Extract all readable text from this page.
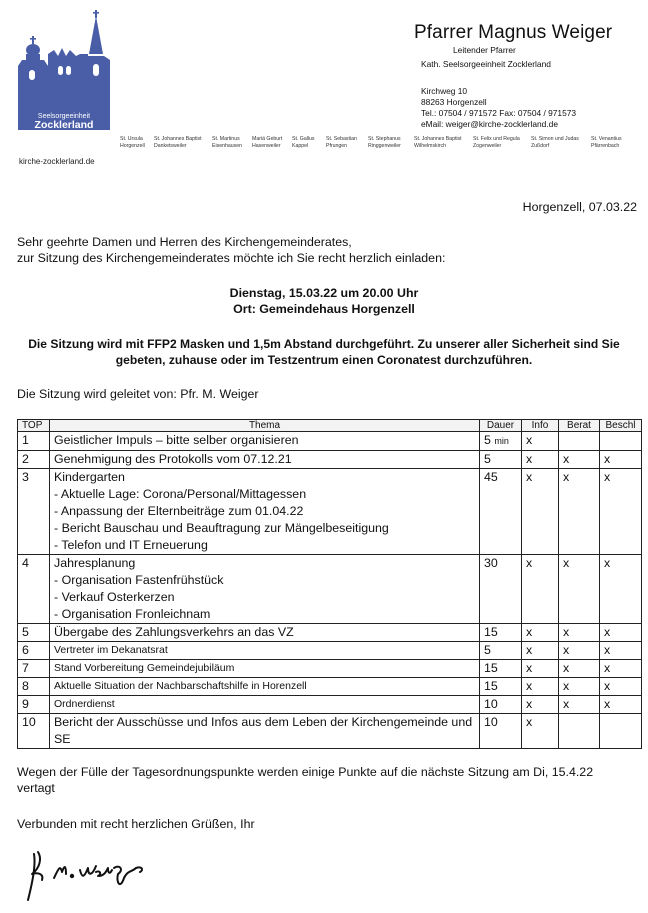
Seelsorgeeinheit
Zocklerland
kirche-zocklerland.de
Pfarrer Magnus Weiger
Leitender Pfarrer
Kath. Seelsorgeeinheit Zocklerland
Kirchweg 10
88263 Horgenzell
Tel.: 07504 / 971572 Fax: 07504 / 971573
eMail: weiger@kirche-zocklerland.de
St. Ursula
Horgenzell
St. Johannes Baptist
Danketsweiler
St. Martinus
Eisenhausen
Mariä Geburt
Hasenweiler
St. Gallus
Kappel
St. Sebastian
Pfrungen
St. Stephanus
Ringgenweiler
St. Johannes Baptist
Wilhelmskirch
St. Felix und Regula
Zogenweiler
St. Simon und Judas
Zußdorf
St. Venantius
Pfärrenbach
Horgenzell, 07.03.22
Sehr geehrte Damen und Herren des Kirchengemeinderates,
zur Sitzung des Kirchengemeinderates möchte ich Sie recht herzlich einladen:
Dienstag, 15.03.22 um 20.00 Uhr
Ort: Gemeindehaus Horgenzell
Die Sitzung wird mit FFP2 Masken und 1,5m Abstand durchgeführt. Zu unserer aller Sicherheit sind Sie
gebeten, zuhause oder im Testzentrum einen Coronatest durchzuführen.
Die Sitzung wird geleitet von: Pfr. M. Weiger
TOP	Thema	Dauer	Info	Berat	Beschl
1	Geistlicher Impuls – bitte selber organisieren	5 min	x		
2	Genehmigung des Protokolls vom 07.12.21	5	x	x	x
3	Kindergarten
- Aktuelle Lage: Corona/Personal/Mittagessen
- Anpassung der Elternbeiträge zum 01.04.22
- Bericht Bauschau und Beauftragung zur Mängelbeseitigung
- Telefon und IT Erneuerung	45	x	x	x
4	Jahresplanung
- Organisation Fastenfrühstück
- Verkauf Osterkerzen
- Organisation Fronleichnam	30	x	x	x
5	Übergabe des Zahlungsverkehrs an das VZ	15	x	x	x
6	Vertreter im Dekanatsrat	5	x	x	x
7	Stand Vorbereitung Gemeindejubiläum	15	x	x	x
8	Aktuelle Situation der Nachbarschaftshilfe in Horenzell	15	x	x	x
9	Ordnerdienst	10	x	x	x
10	Bericht der Ausschüsse und Infos aus dem Leben der Kirchengemeinde und SE	10	x		
Wegen der Fülle der Tagesordnungspunkte werden einige Punkte auf die nächste Sitzung am Di, 15.4.22
vertagt
Verbunden mit recht herzlichen Grüßen, Ihr
